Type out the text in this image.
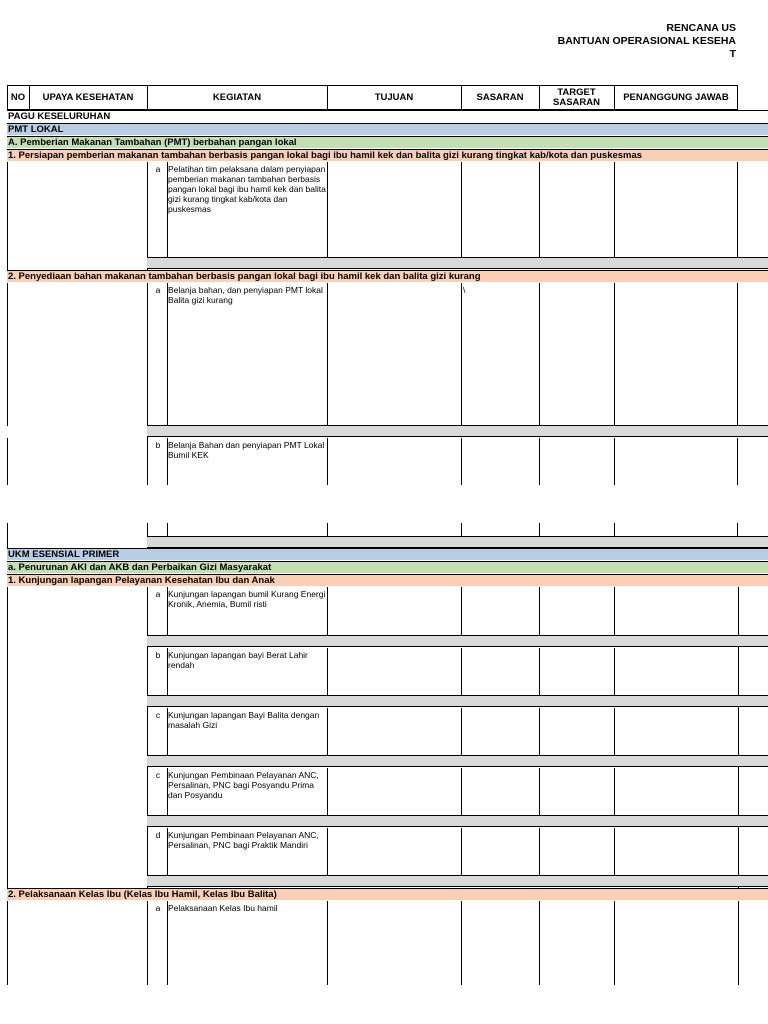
RENCANA US
BANTUAN OPERASIONAL KESEHA
T
NO	UPAYA KESEHATAN	KEGIATAN	TUJUAN	SASARAN	TARGET SASARAN	PENANGGUNG JAWAB
PAGU KESELURUHAN
PMT LOKAL
A. Pemberian Makanan Tambahan (PMT) berbahan pangan lokal
1. Persiapan pemberian makanan tambahan berbasis pangan lokal bagi ibu hamil kek dan balita gizi kurang tingkat kab/kota dan puskesmas
a Pelatihan tim pelaksana dalam penyiapan pemberian makanan tambahan berbasis pangan lokal bagi ibu hamil kek dan balita gizi kurang tingkat kab/kota dan puskesmas
2. Penyediaan bahan makanan tambahan berbasis pangan lokal bagi ibu hamil kek dan balita gizi kurang
a Belanja bahan, dan penyiapan PMT lokal Balita gizi kurang
\
b Belanja Bahan dan penyiapan PMT Lokal Bumil KEK
UKM ESENSIAL PRIMER
a. Penurunan AKI dan AKB dan Perbaikan Gizi Masyarakat
1. Kunjungan lapangan Pelayanan Kesehatan Ibu dan Anak
a Kunjungan lapangan bumil Kurang Energi Kronik, Anemia, Bumil risti
b Kunjungan lapangan bayi Berat Lahir rendah
c Kunjungan lapangan Bayi Balita dengan masalah Gizi
c Kunjungan Pembinaan Pelayanan ANC, Persalinan, PNC bagi Posyandu Prima dan Posyandu
d Kunjungan Pembinaan Pelayanan ANC, Persalinan, PNC bagi Praktik Mandiri
2. Pelaksanaan Kelas Ibu (Kelas Ibu Hamil, Kelas Ibu Balita)
a Pelaksanaan Kelas Ibu hamil
